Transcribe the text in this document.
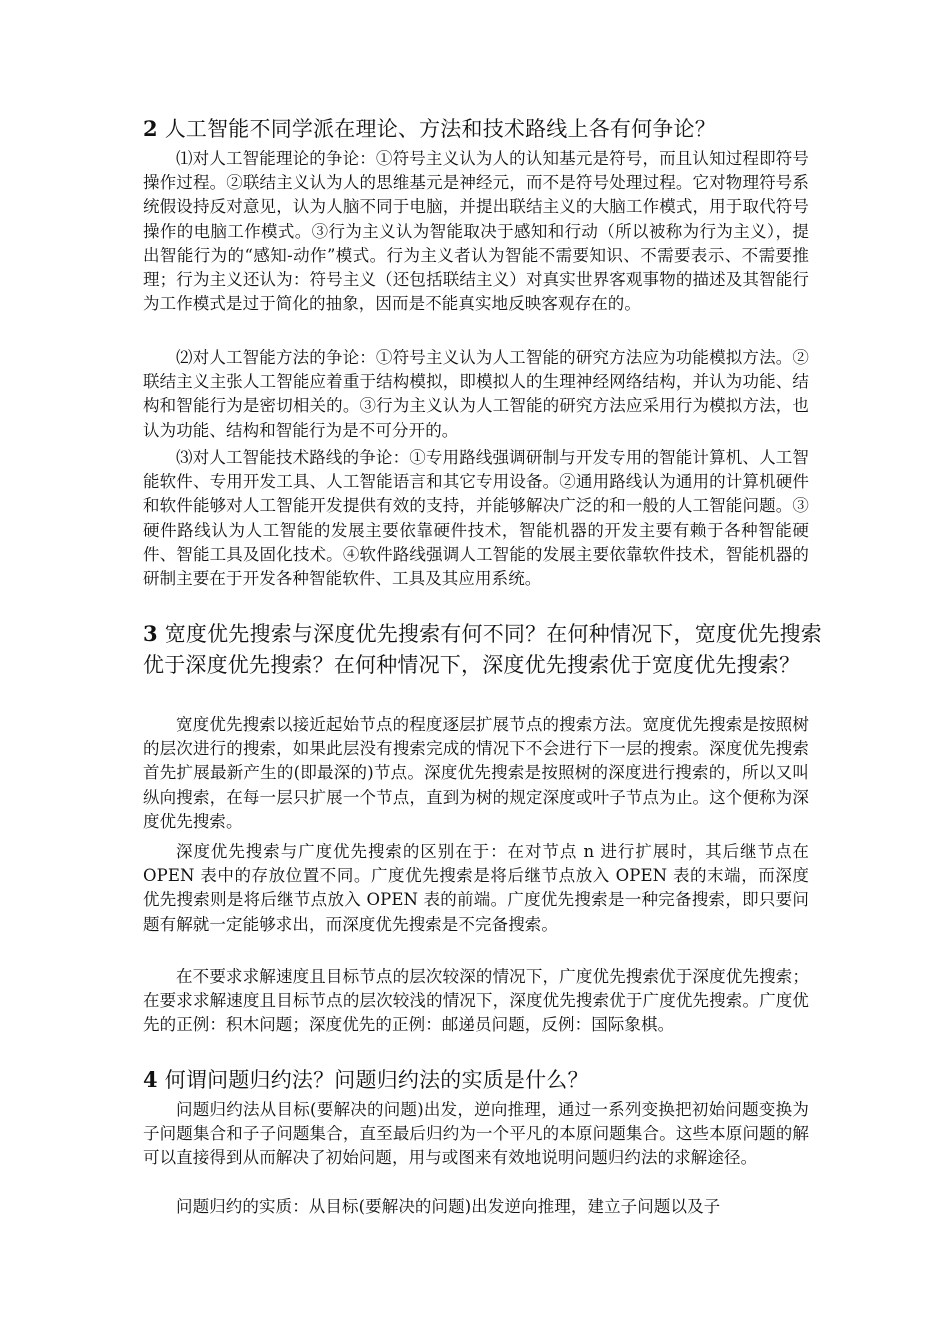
2 人工智能不同学派在理论、方法和技术路线上各有何争论？

⑴对人工智能理论的争论：①符号主义认为人的认知基元是符号，而且认知过程即符号操作过程。②联结主义认为人的思维基元是神经元，而不是符号处理过程。它对物理符号系统假设持反对意见，认为人脑不同于电脑，并提出联结主义的大脑工作模式，用于取代符号操作的电脑工作模式。③行为主义认为智能取决于感知和行动（所以被称为行为主义），提出智能行为的“感知-动作”模式。行为主义者认为智能不需要知识、不需要表示、不需要推理；行为主义还认为：符号主义（还包括联结主义）对真实世界客观事物的描述及其智能行为工作模式是过于简化的抽象，因而是不能真实地反映客观存在的。

⑵对人工智能方法的争论：①符号主义认为人工智能的研究方法应为功能模拟方法。②联结主义主张人工智能应着重于结构模拟，即模拟人的生理神经网络结构，并认为功能、结构和智能行为是密切相关的。③行为主义认为人工智能的研究方法应采用行为模拟方法，也认为功能、结构和智能行为是不可分开的。

⑶对人工智能技术路线的争论：①专用路线强调研制与开发专用的智能计算机、人工智能软件、专用开发工具、人工智能语言和其它专用设备。②通用路线认为通用的计算机硬件和软件能够对人工智能开发提供有效的支持，并能够解决广泛的和一般的人工智能问题。③硬件路线认为人工智能的发展主要依靠硬件技术，智能机器的开发主要有赖于各种智能硬件、智能工具及固化技术。④软件路线强调人工智能的发展主要依靠软件技术，智能机器的研制主要在于开发各种智能软件、工具及其应用系统。

3 宽度优先搜索与深度优先搜索有何不同？在何种情况下，宽度优先搜索优于深度优先搜索？在何种情况下，深度优先搜索优于宽度优先搜索？

宽度优先搜索以接近起始节点的程度逐层扩展节点的搜索方法。宽度优先搜索是按照树的层次进行的搜索，如果此层没有搜索完成的情况下不会进行下一层的搜索。深度优先搜索首先扩展最新产生的(即最深的)节点。深度优先搜索是按照树的深度进行搜索的，所以又叫纵向搜索，在每一层只扩展一个节点，直到为树的规定深度或叶子节点为止。这个便称为深度优先搜索。

深度优先搜索与广度优先搜索的区别在于：在对节点 n 进行扩展时，其后继节点在 OPEN 表中的存放位置不同。广度优先搜索是将后继节点放入 OPEN 表的末端，而深度优先搜索则是将后继节点放入 OPEN 表的前端。广度优先搜索是一种完备搜索，即只要问题有解就一定能够求出，而深度优先搜索是不完备搜索。

在不要求求解速度且目标节点的层次较深的情况下，广度优先搜索优于深度优先搜索；在要求求解速度且目标节点的层次较浅的情况下，深度优先搜索优于广度优先搜索。广度优先的正例：积木问题；深度优先的正例：邮递员问题，反例：国际象棋。

4 何谓问题归约法？问题归约法的实质是什么？

问题归约法从目标(要解决的问题)出发，逆向推理，通过一系列变换把初始问题变换为子问题集合和子子问题集合，直至最后归约为一个平凡的本原问题集合。这些本原问题的解可以直接得到从而解决了初始问题，用与或图来有效地说明问题归约法的求解途径。

问题归约的实质：从目标(要解决的问题)出发逆向推理，建立子问题以及子
